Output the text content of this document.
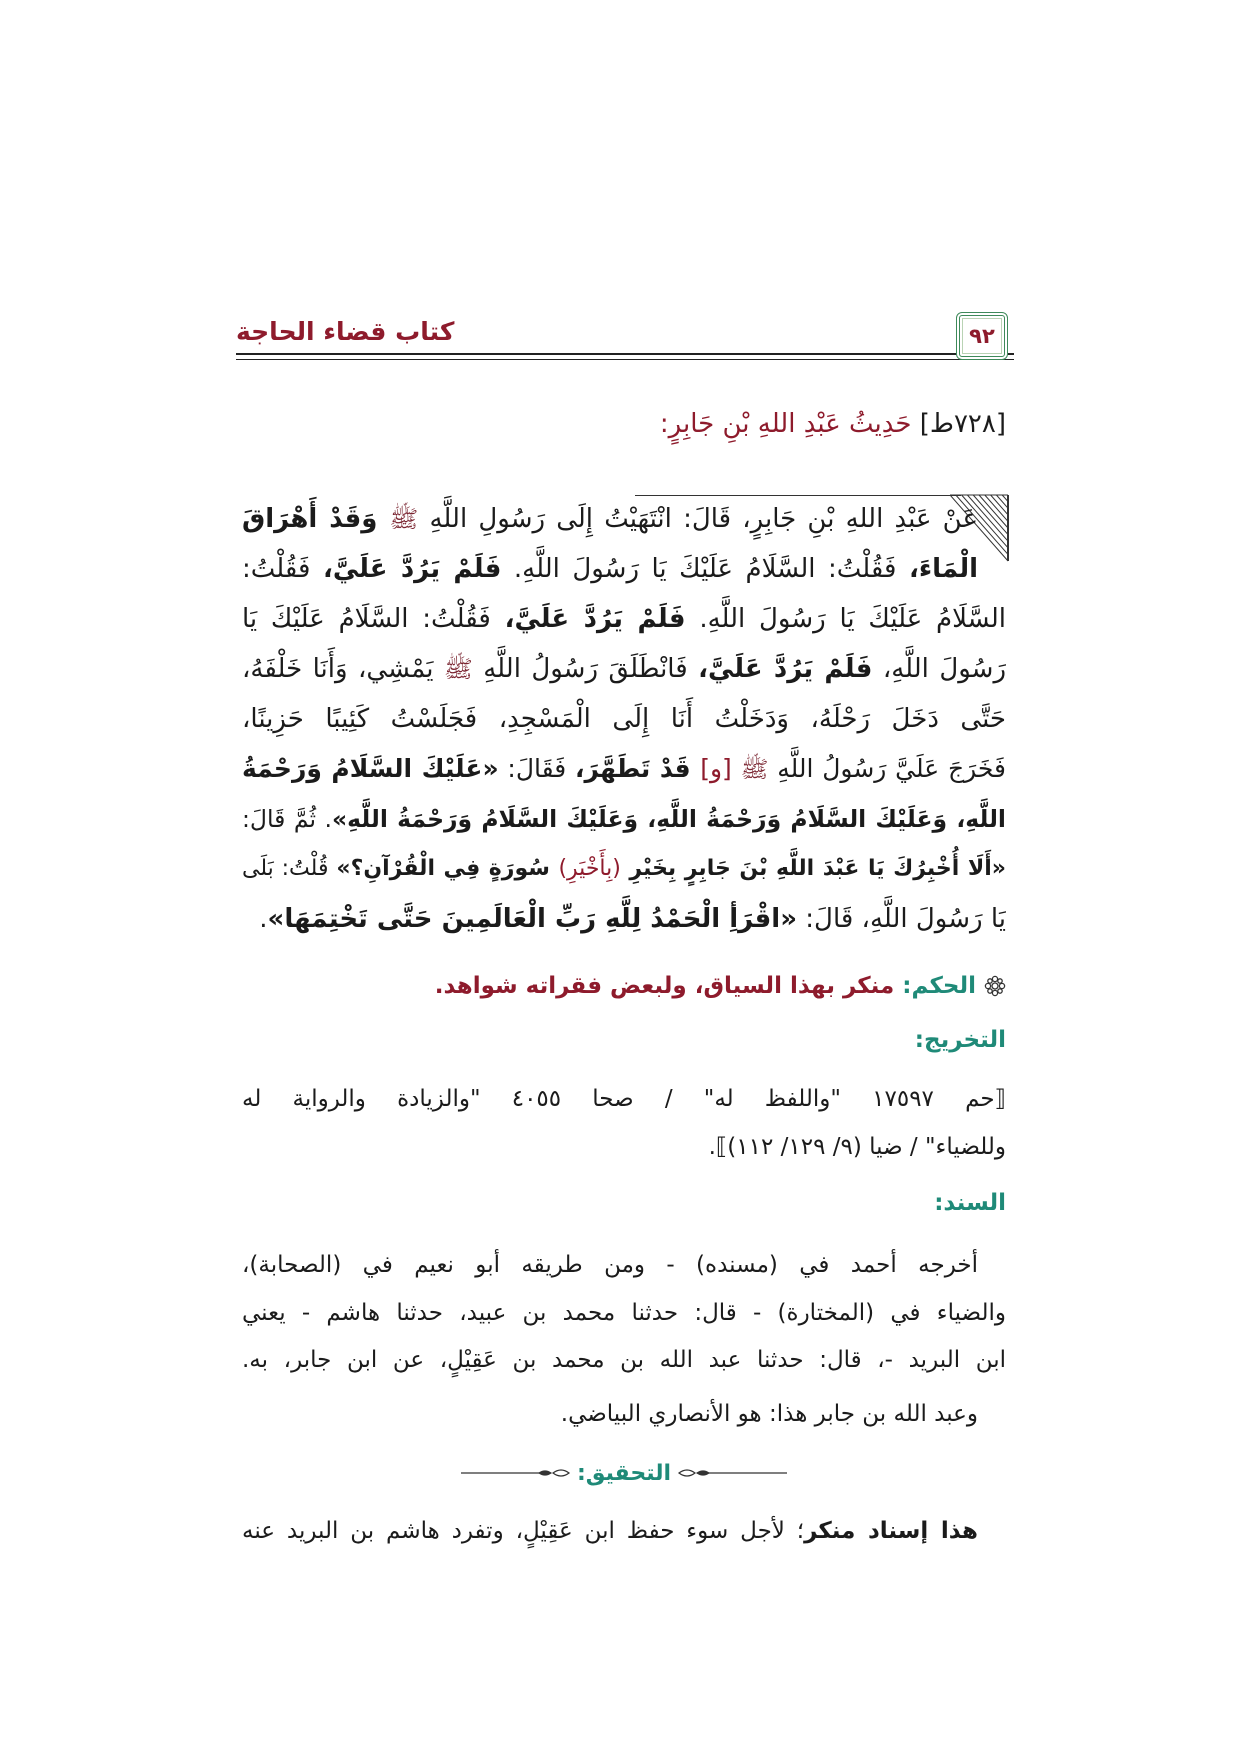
كتاب قضاء الحاجة	٩٢
[٧٢٨ط] حَدِيثُ عَبْدِ اللهِ بْنِ جَابِرٍ:
عَنْ عَبْدِ اللهِ بْنِ جَابِرٍ، قَالَ: انْتَهَيْتُ إِلَى رَسُولِ اللَّهِ ﷺ وَقَدْ أَهْرَاقَ
الْمَاءَ، فَقُلْتُ: السَّلَامُ عَلَيْكَ يَا رَسُولَ اللَّهِ. فَلَمْ يَرُدَّ عَلَيَّ، فَقُلْتُ:
السَّلَامُ عَلَيْكَ يَا رَسُولَ اللَّهِ. فَلَمْ يَرُدَّ عَلَيَّ، فَقُلْتُ: السَّلَامُ عَلَيْكَ يَا
رَسُولَ اللَّهِ، فَلَمْ يَرُدَّ عَلَيَّ، فَانْطَلَقَ رَسُولُ اللَّهِ ﷺ يَمْشِي، وَأَنَا خَلْفَهُ،
حَتَّى دَخَلَ رَحْلَهُ، وَدَخَلْتُ أَنَا إِلَى الْمَسْجِدِ، فَجَلَسْتُ كَئِيبًا حَزِينًا،
فَخَرَجَ عَلَيَّ رَسُولُ اللَّهِ ﷺ [و] قَدْ تَطَهَّرَ، فَقَالَ: «عَلَيْكَ السَّلَامُ وَرَحْمَةُ
اللَّهِ، وَعَلَيْكَ السَّلَامُ وَرَحْمَةُ اللَّهِ، وَعَلَيْكَ السَّلَامُ وَرَحْمَةُ اللَّهِ». ثُمَّ قَالَ:
«أَلَا أُخْبِرُكَ يَا عَبْدَ اللَّهِ بْنَ جَابِرٍ بِخَيْرِ (بِأَخْيَرِ) سُورَةٍ فِي الْقُرْآنِ؟» قُلْتُ: بَلَى
يَا رَسُولَ اللَّهِ، قَالَ: «اقْرَأِ الْحَمْدُ لِلَّهِ رَبِّ الْعَالَمِينَ حَتَّى تَخْتِمَهَا».
الحكم:
منكر بهذا السياق، ولبعض فقراته شواهد.
التخريج:
⟦حم ١٧٥٩٧ "واللفظ له" / صحا ٤٠٥٥ "والزيادة والرواية له
وللضياء" / ضيا (٩/ ١٢٩/ ١١٢)⟧.
السند:
أخرجه أحمد في (مسنده) - ومن طريقه أبو نعيم في (الصحابة)،
والضياء في (المختارة) - قال: حدثنا محمد بن عبيد، حدثنا هاشم - يعني
ابن البريد -، قال: حدثنا عبد الله بن محمد بن عَقِيْلٍ، عن ابن جابر، به.
وعبد الله بن جابر هذا: هو الأنصاري البياضي.
التحقيق:
هذا إسناد منكر؛ لأجل سوء حفظ ابن عَقِيْلٍ، وتفرد هاشم بن البريد عنه
